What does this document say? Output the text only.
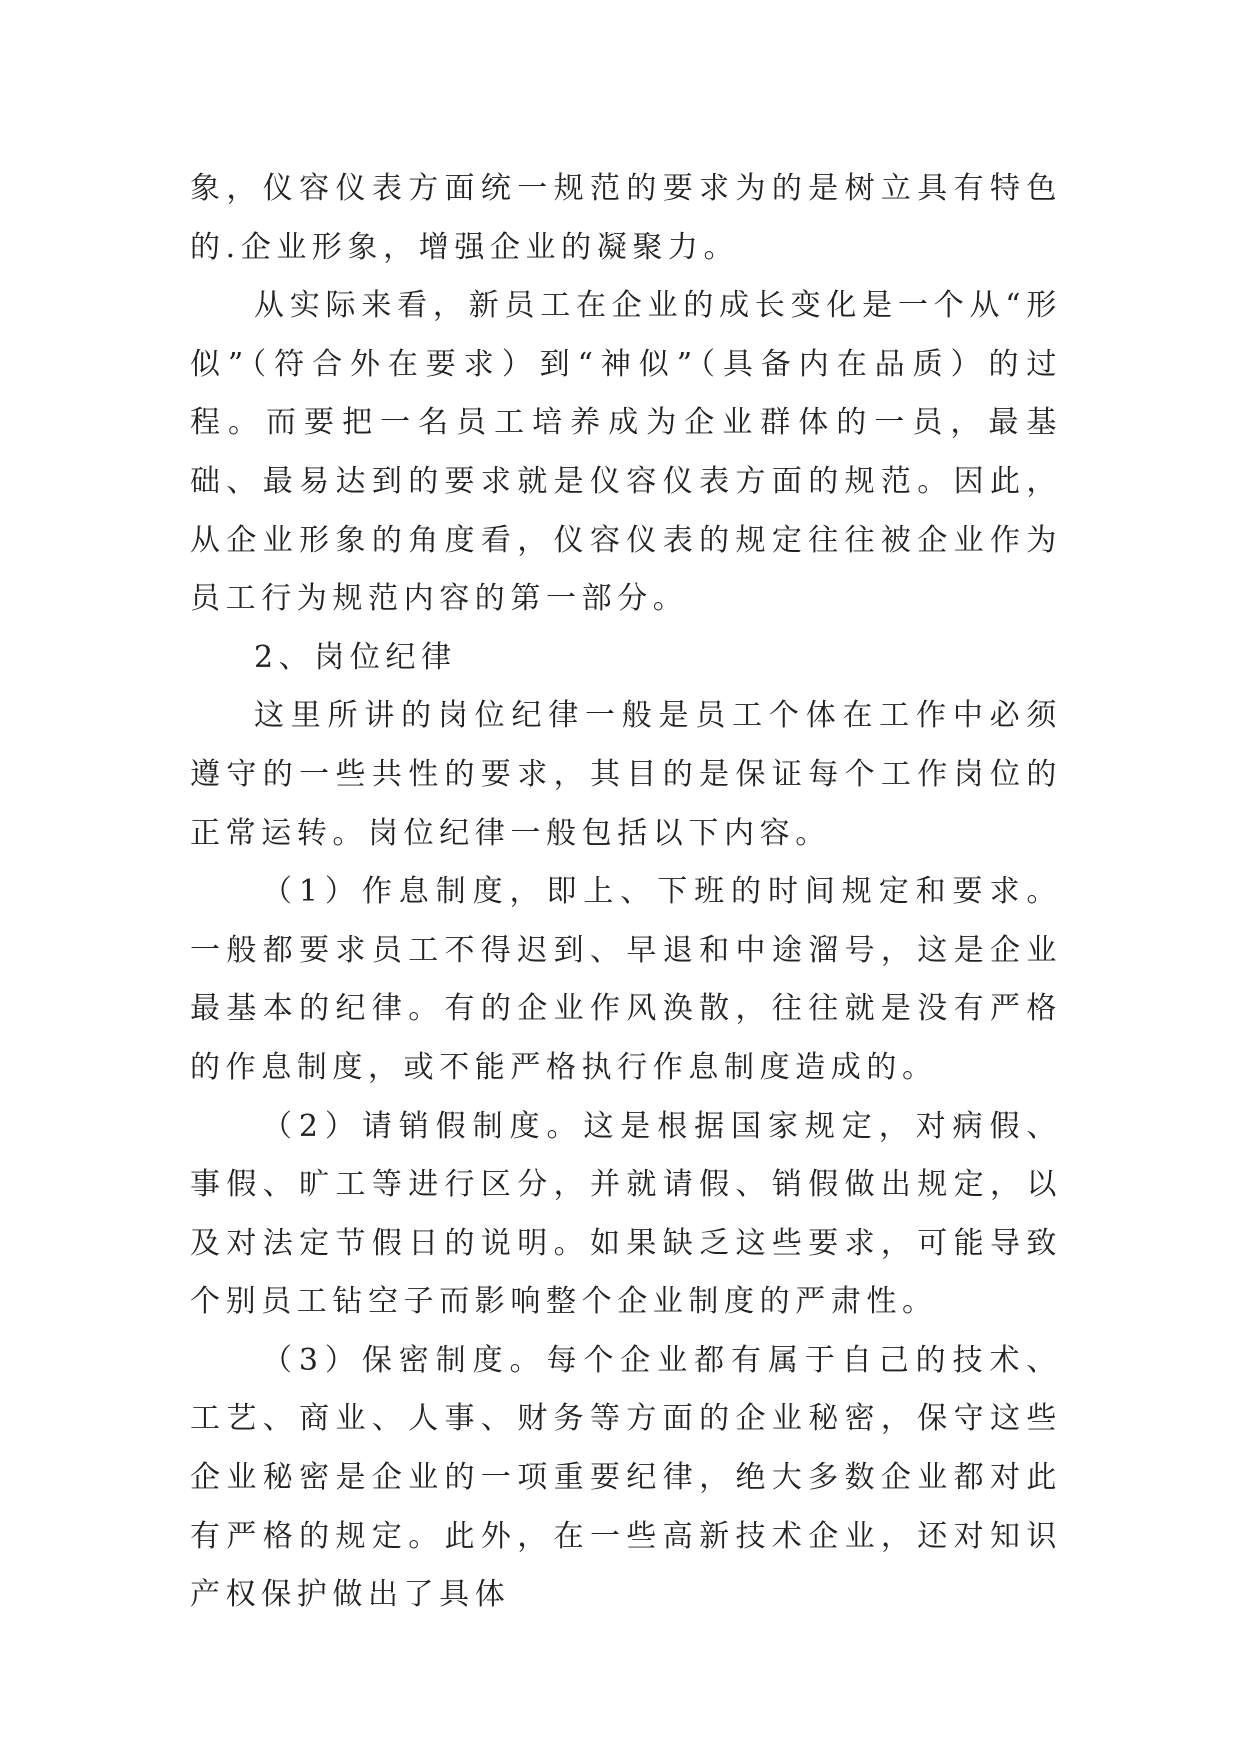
象，仪容仪表方面统一规范的要求为的是树立具有特色的.企业形象，增强企业的凝聚力。

从实际来看，新员工在企业的成长变化是一个从“形似”（符合外在要求）到“神似”（具备内在品质）的过程。而要把一名员工培养成为企业群体的一员，最基础、最易达到的要求就是仪容仪表方面的规范。因此，从企业形象的角度看，仪容仪表的规定往往被企业作为员工行为规范内容的第一部分。

2、岗位纪律

这里所讲的岗位纪律一般是员工个体在工作中必须遵守的一些共性的要求，其目的是保证每个工作岗位的正常运转。岗位纪律一般包括以下内容。

（1）作息制度，即上、下班的时间规定和要求。一般都要求员工不得迟到、早退和中途溜号，这是企业最基本的纪律。有的企业作风涣散，往往就是没有严格的作息制度，或不能严格执行作息制度造成的。

（2）请销假制度。这是根据国家规定，对病假、事假、旷工等进行区分，并就请假、销假做出规定，以及对法定节假日的说明。如果缺乏这些要求，可能导致个别员工钻空子而影响整个企业制度的严肃性。

（3）保密制度。每个企业都有属于自己的技术、工艺、商业、人事、财务等方面的企业秘密，保守这些企业秘密是企业的一项重要纪律，绝大多数企业都对此有严格的规定。此外，在一些高新技术企业，还对知识产权保护做出了具体
